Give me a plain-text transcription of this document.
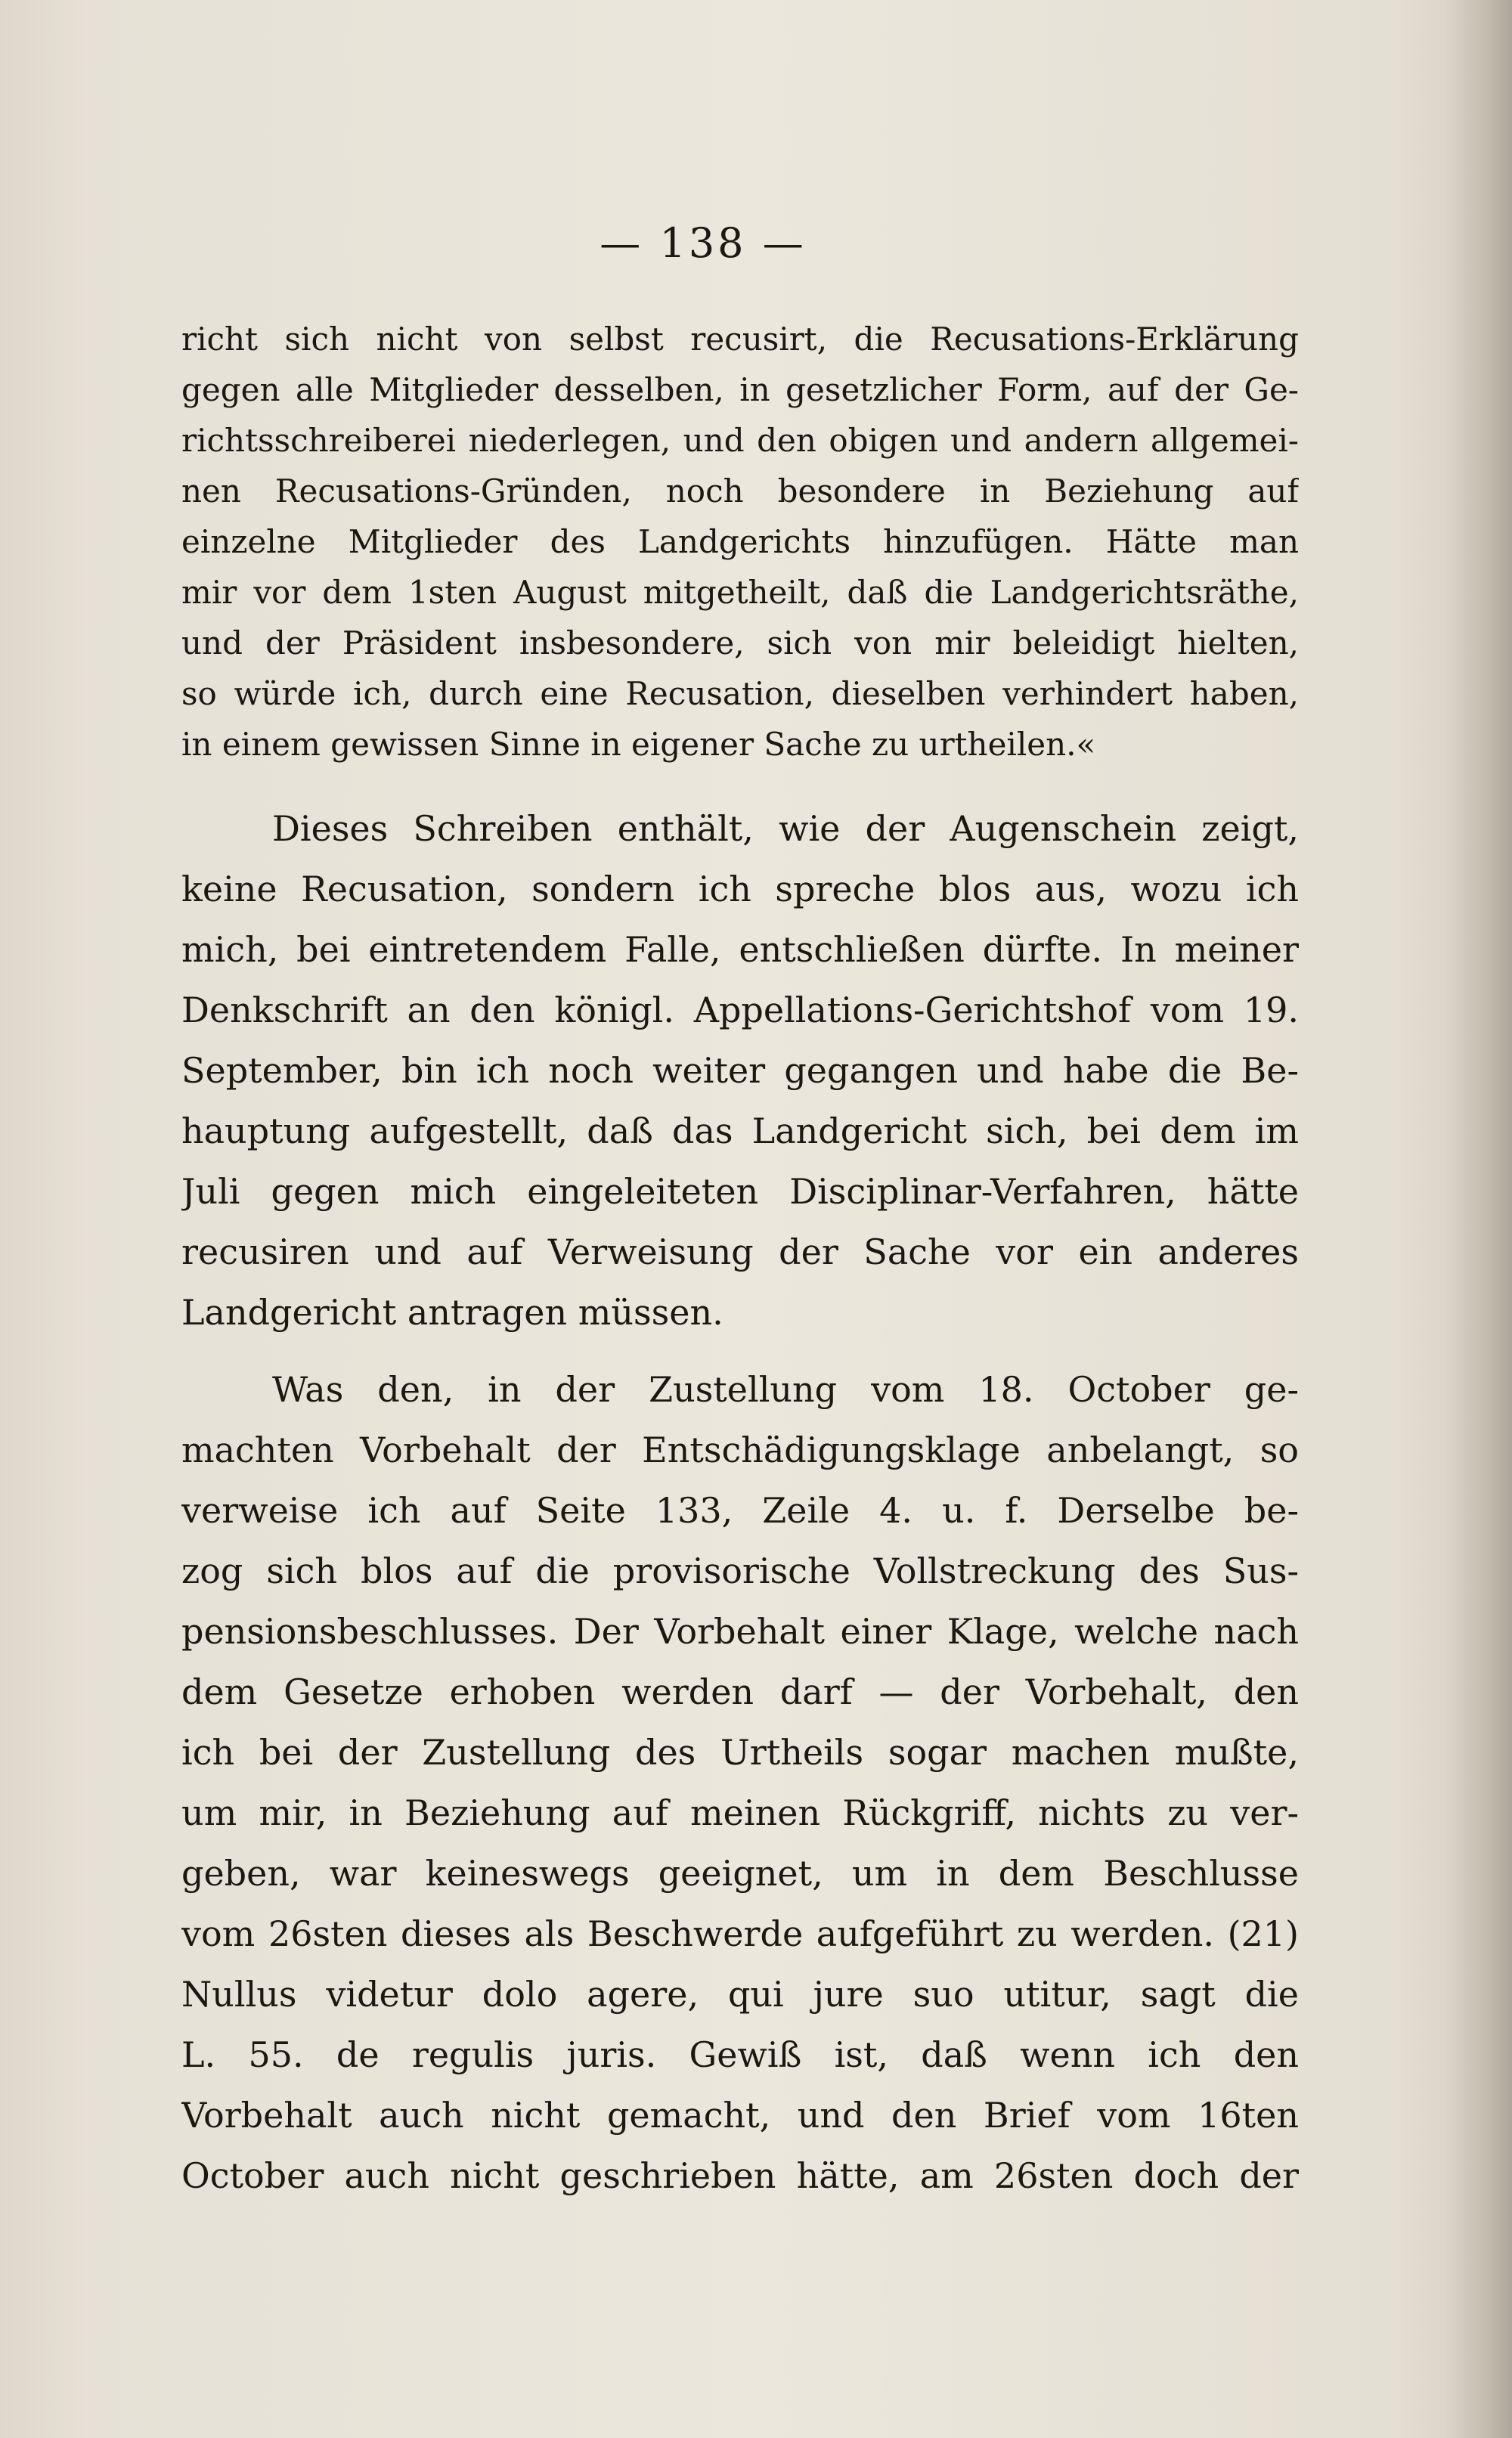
— 138 —
richt sich nicht von selbst recusirt, die Recusations-Erklärung
gegen alle Mitglieder desselben, in gesetzlicher Form, auf der Ge-
richtsschreiberei niederlegen, und den obigen und andern allgemei-
nen Recusations-Gründen, noch besondere in Beziehung auf
einzelne Mitglieder des Landgerichts hinzufügen. Hätte man
mir vor dem 1sten August mitgetheilt, daß die Landgerichtsräthe,
und der Präsident insbesondere, sich von mir beleidigt hielten,
so würde ich, durch eine Recusation, dieselben verhindert haben,
in einem gewissen Sinne in eigener Sache zu urtheilen.«
Dieses Schreiben enthält, wie der Augenschein zeigt,
keine Recusation, sondern ich spreche blos aus, wozu ich
mich, bei eintretendem Falle, entschließen dürfte. In meiner
Denkschrift an den königl. Appellations-Gerichtshof vom 19.
September, bin ich noch weiter gegangen und habe die Be-
hauptung aufgestellt, daß das Landgericht sich, bei dem im
Juli gegen mich eingeleiteten Disciplinar-Verfahren, hätte
recusiren und auf Verweisung der Sache vor ein anderes
Landgericht antragen müssen.
Was den, in der Zustellung vom 18. October ge-
machten Vorbehalt der Entschädigungsklage anbelangt, so
verweise ich auf Seite 133, Zeile 4. u. f. Derselbe be-
zog sich blos auf die provisorische Vollstreckung des Sus-
pensionsbeschlusses. Der Vorbehalt einer Klage, welche nach
dem Gesetze erhoben werden darf — der Vorbehalt, den
ich bei der Zustellung des Urtheils sogar machen mußte,
um mir, in Beziehung auf meinen Rückgriff, nichts zu ver-
geben, war keineswegs geeignet, um in dem Beschlusse
vom 26sten dieses als Beschwerde aufgeführt zu werden. (21)
Nullus videtur dolo agere, qui jure suo utitur, sagt die
L. 55. de regulis juris. Gewiß ist, daß wenn ich den
Vorbehalt auch nicht gemacht, und den Brief vom 16ten
October auch nicht geschrieben hätte, am 26sten doch der
